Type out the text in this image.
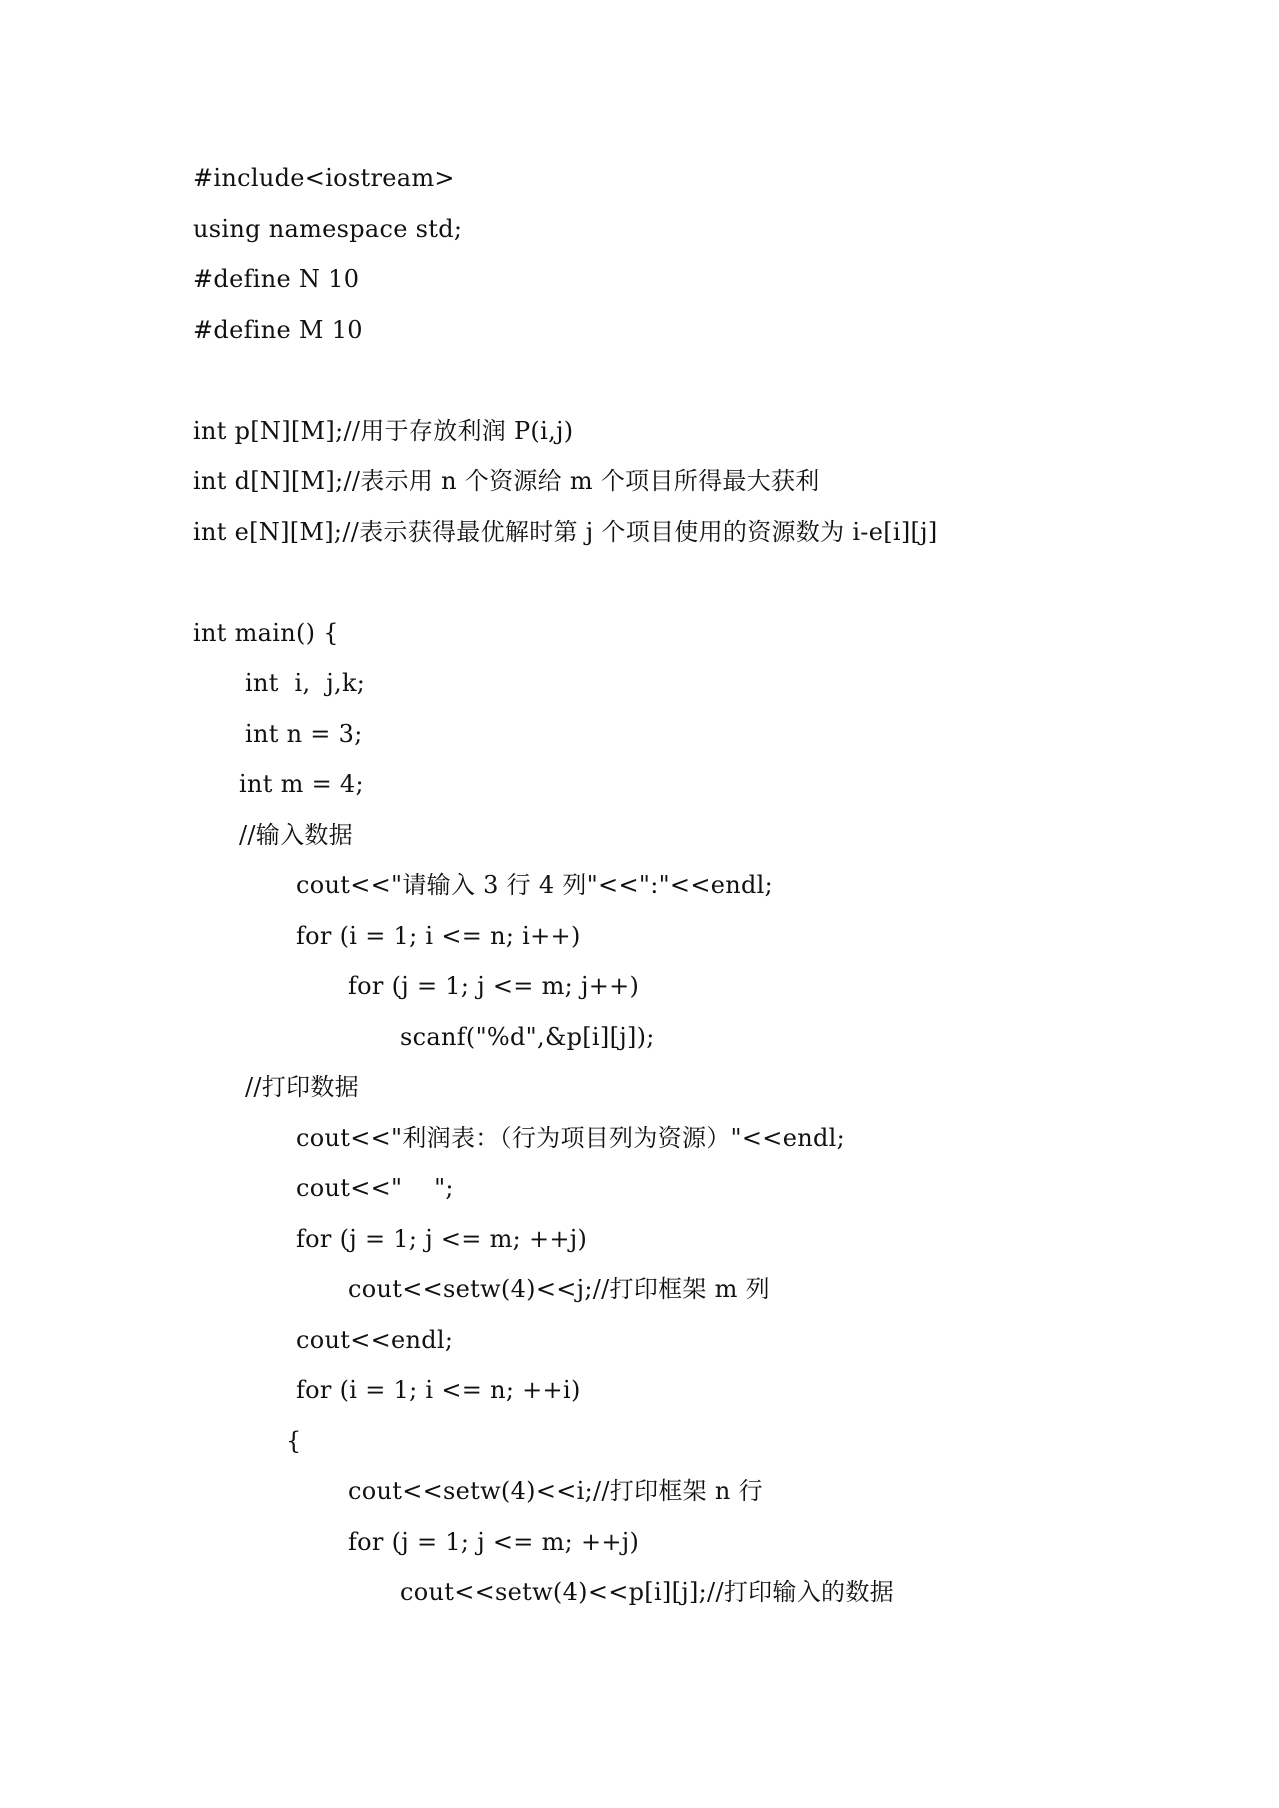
#include<iostream>
using namespace std;
#define N 10
#define M 10
int p[N][M];//用于存放利润 P(i,j)
int d[N][M];//表示用 n 个资源给 m 个项目所得最大获利
int e[N][M];//表示获得最优解时第 j 个项目使用的资源数为 i-e[i][j]
int main() {
int  i,  j,k;
int n = 3;
int m = 4;
//输入数据
cout<<"请输入 3 行 4 列"<<":"<<endl;
for (i = 1; i <= n; i++)
for (j = 1; j <= m; j++)
scanf("%d",&p[i][j]);
//打印数据
cout<<"利润表：（行为项目列为资源）"<<endl;
cout<<"    ";
for (j = 1; j <= m; ++j)
cout<<setw(4)<<j;//打印框架 m 列
cout<<endl;
for (i = 1; i <= n; ++i)
{
cout<<setw(4)<<i;//打印框架 n 行
for (j = 1; j <= m; ++j)
cout<<setw(4)<<p[i][j];//打印输入的数据
